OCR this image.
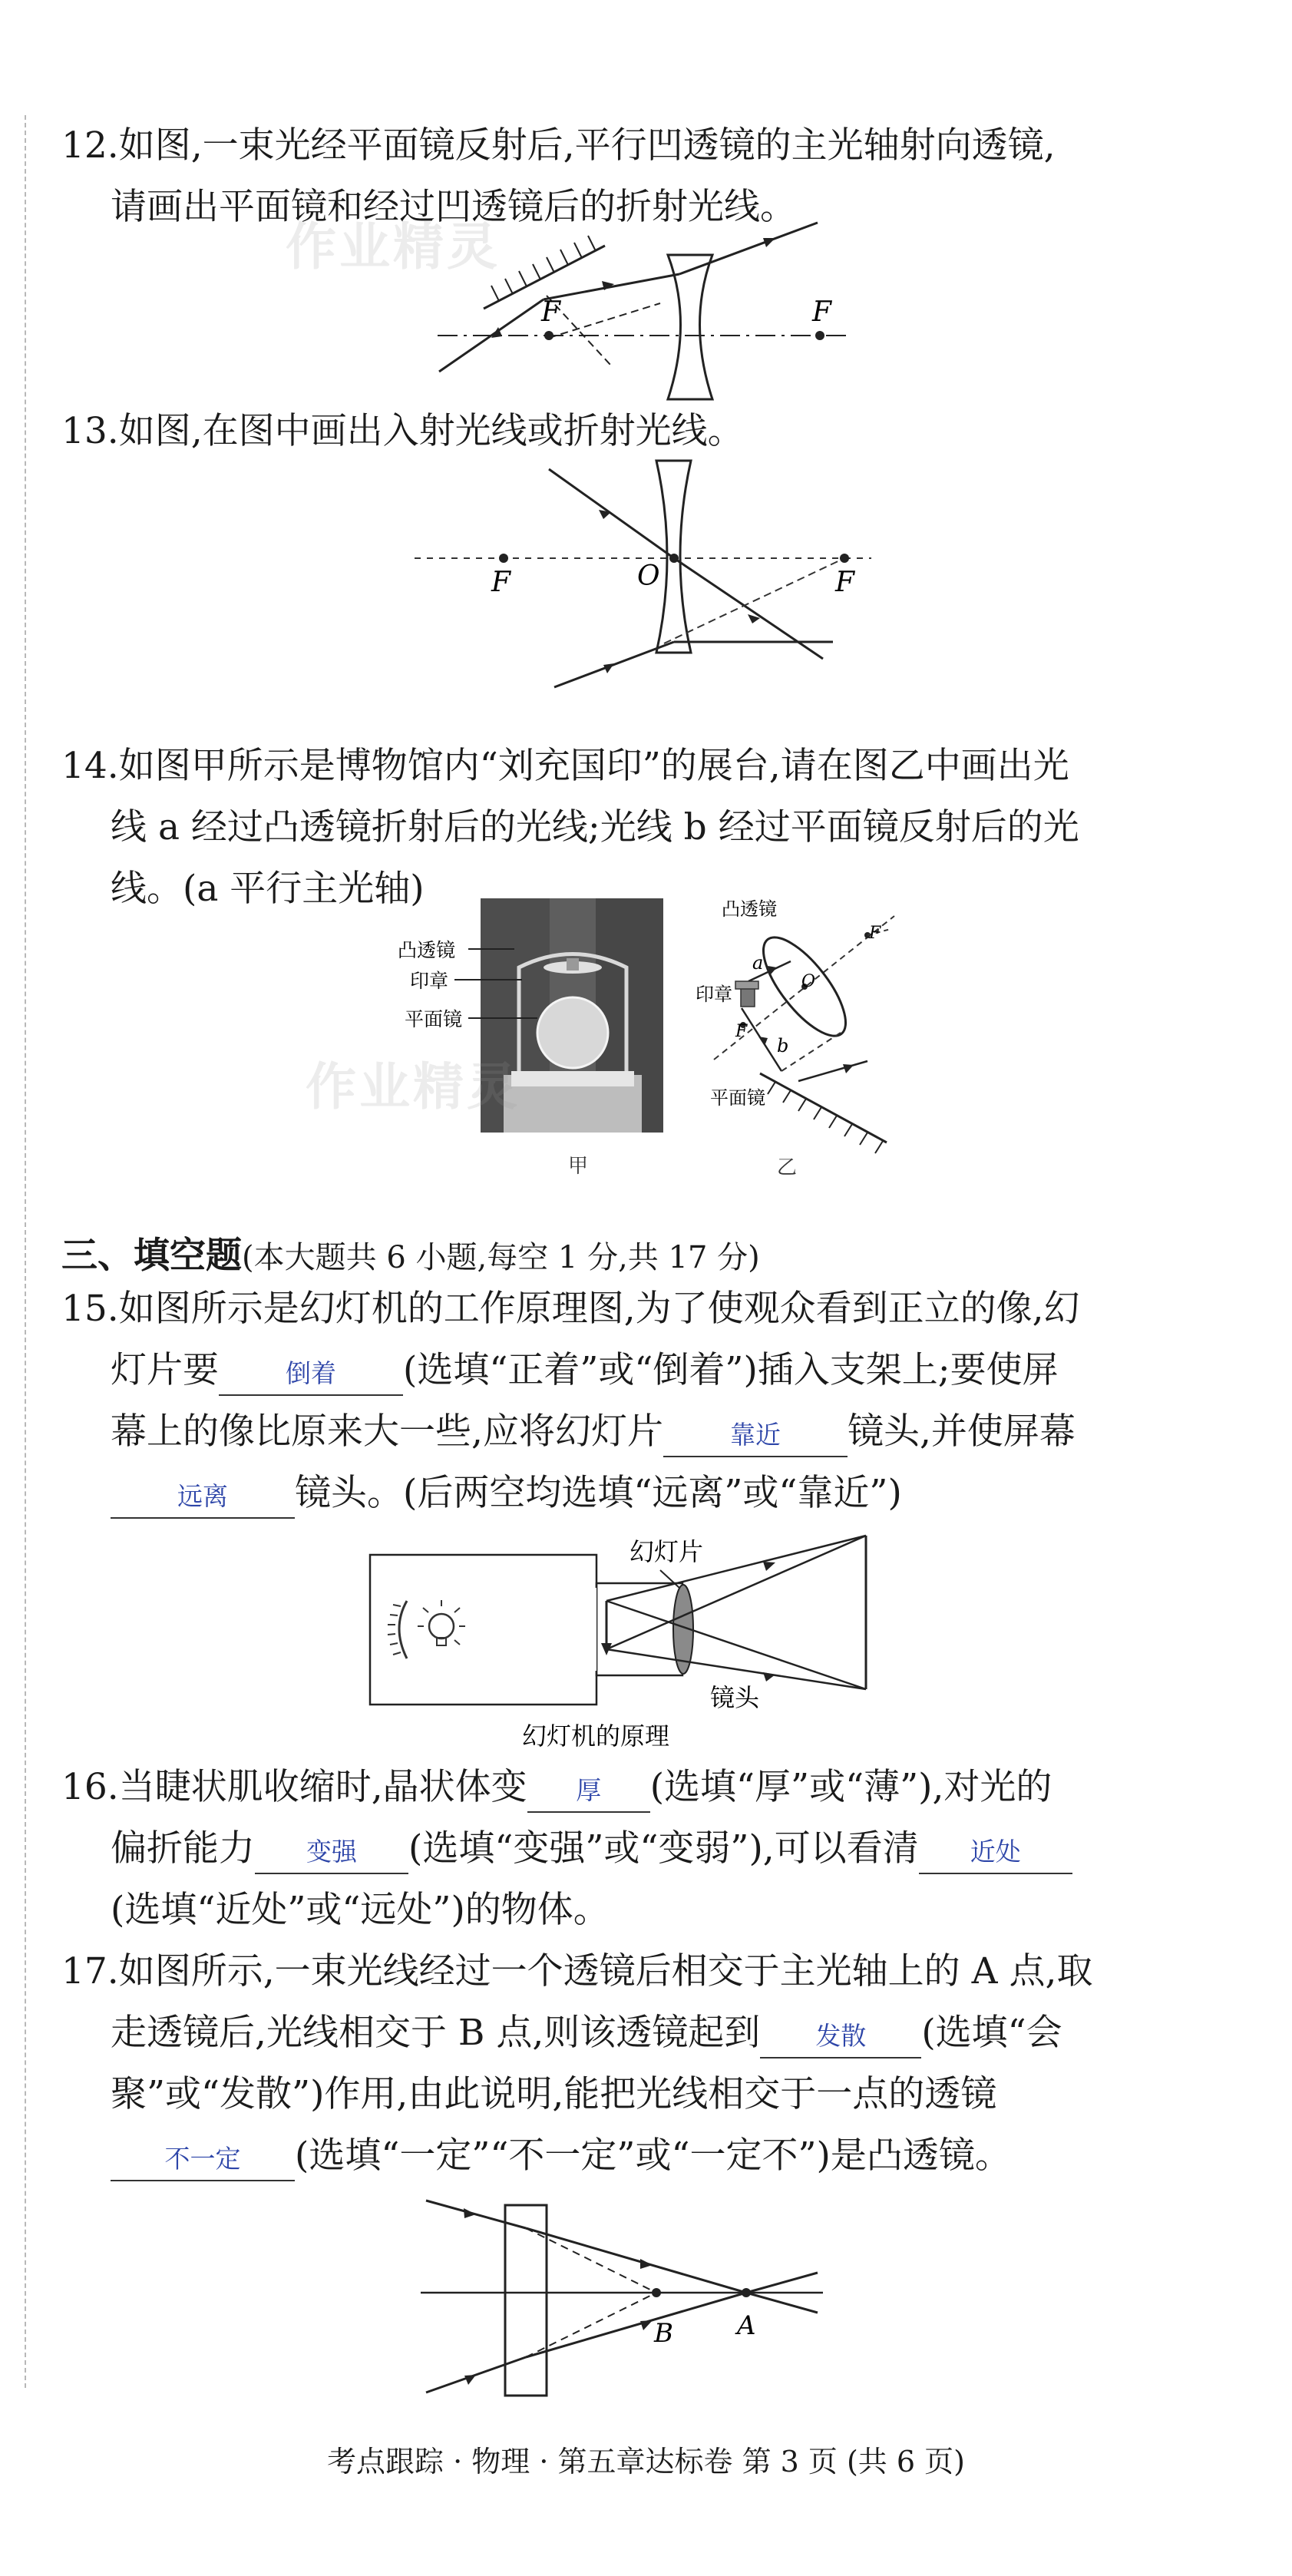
12.如图,一束光经平面镜反射后,平行凹透镜的主光轴射向透镜,
请画出平面镜和经过凹透镜后的折射光线。

作业精灵
F	F

13.如图,在图中画出入射光线或折射光线。

F	O	F

14.如图甲所示是博物馆内“刘充国印”的展台,请在图乙中画出光
线 a 经过凸透镜折射后的光线;光线 b 经过平面镜反射后的光
线。(a 平行主光轴)

作业精灵
凸透镜
印章
平面镜
甲
凸透镜
印章
平面镜
a
b
O
F
F
乙

三、填空题(本大题共 6 小题,每空 1 分,共 17 分)

15.如图所示是幻灯机的工作原理图,为了使观众看到正立的像,幻
灯片要	倒着 (选填“正着”或“倒着”)插入支架上;要使屏
幕上的像比原来大一些,应将幻灯片	靠近 镜头,并使屏幕
远离 镜头。(后两空均选填“远离”或“靠近”)

幻灯片
镜头
幻灯机的原理

16.当睫状肌收缩时,晶状体变 厚 (选填“厚”或“薄”),对光的
偏折能力 变强 (选填“变强”或“变弱”),可以看清 近处
(选填“近处”或“远处”)的物体。

17.如图所示,一束光线经过一个透镜后相交于主光轴上的 A 点,取
走透镜后,光线相交于 B 点,则该透镜起到 发散 (选填“会
聚”或“发散”)作用,由此说明,能把光线相交于一点的透镜
不一定 (选填“一定”“不一定”或“一定不”)是凸透镜。

B A
考点跟踪 · 物理 · 第五章达标卷 第 3 页 (共 6 页)
